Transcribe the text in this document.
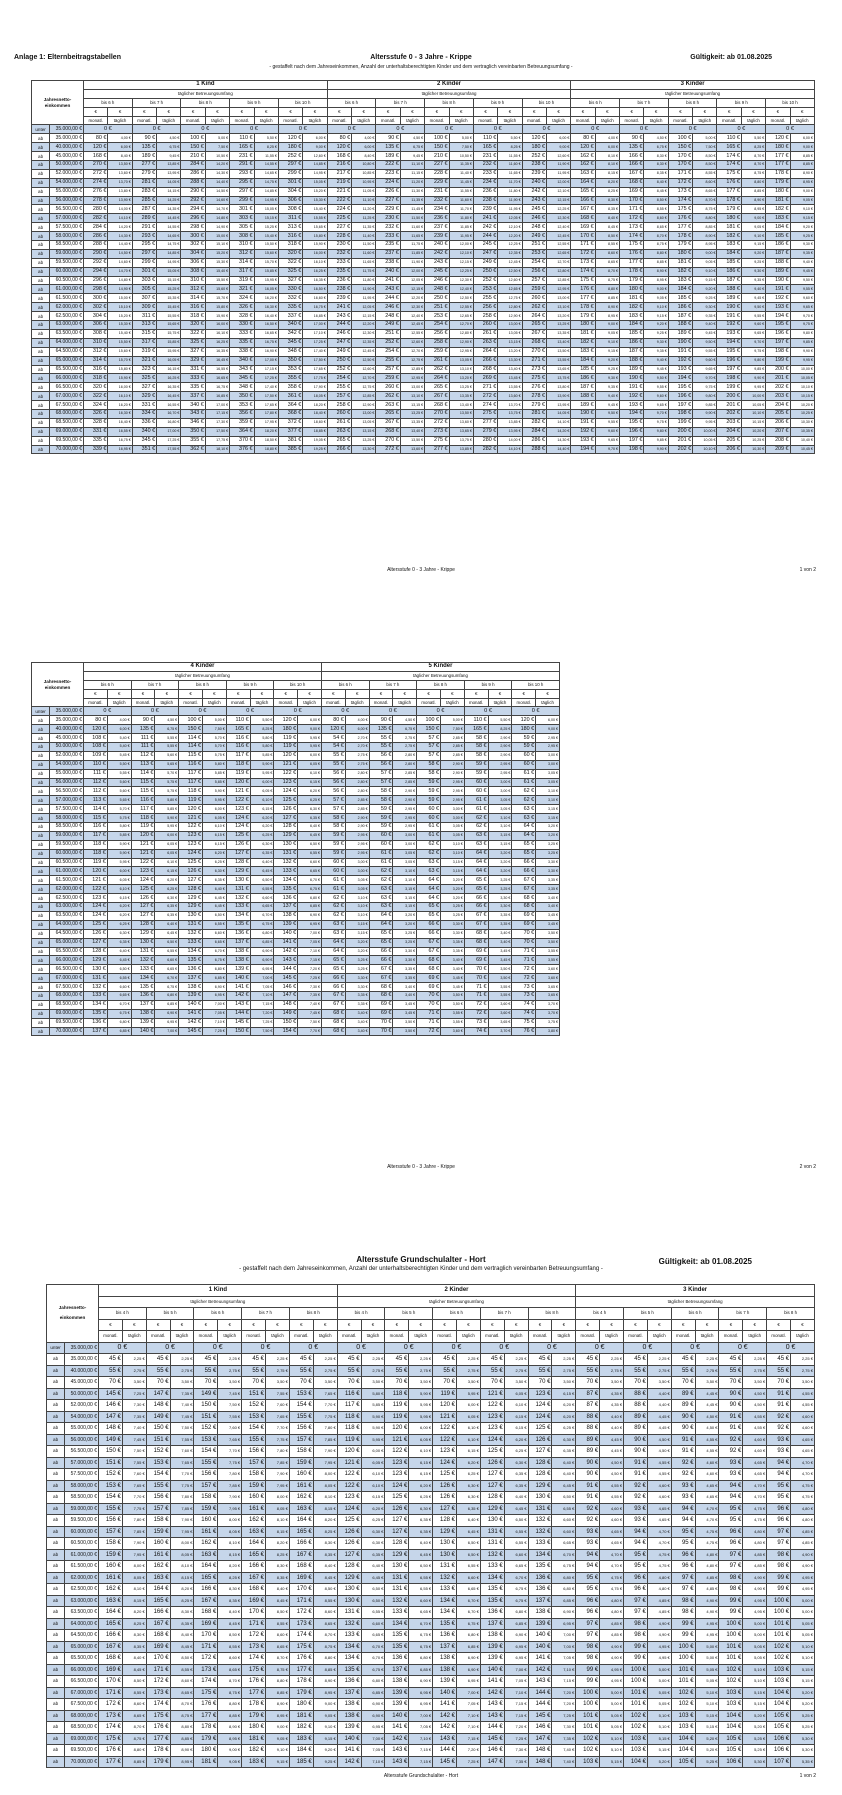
Anlage 1: Elternbeitragstabellen	Altersstufe 0 - 3 Jahre - Krippe	Gültigkeit: ab 01.08.2025
- gestaffelt nach dem Jahreseinkommen, Anzahl der unterhaltsberechtigten Kinder und dem vertraglich vereinbarten Betreuungsumfang -
Jahresnetto-einkommen		1 Kind										2 Kinder										3 Kinder									
		täglicher Betreuungsumfang										täglicher Betreuungsumfang										täglicher Betreuungsumfang									
		bis 6 h		bis 7 h		bis 8 h		bis 9 h		bis 10 h		bis 6 h		bis 7 h		bis 8 h		bis 9 h		bis 10 h		bis 6 h		bis 7 h		bis 8 h		bis 9 h		bis 10 h	
		€	€	€	€	€	€	€	€	€	€	€	€	€	€	€	€	€	€	€	€	€	€	€	€	€	€	€	€	€	€
		monatl.	täglich	monatl.	täglich	monatl.	täglich	monatl.	täglich	monatl.	täglich	monatl.	täglich	monatl.	täglich	monatl.	täglich	monatl.	täglich	monatl.	täglich	monatl.	täglich	monatl.	täglich	monatl.	täglich	monatl.	täglich	monatl.	täglich
unter	35.000,00 €	0 €		0 €		0 €		0 €		0 €		0 €		0 €		0 €		0 €		0 €		0 €		0 €		0 €		0 €		0 €	
ab	35.000,00 €	80 €	4,00 €	90 €	4,50 €	100 €	5,00 €	110 €	5,50 €	120 €	6,00 €	80 €	4,00 €	90 €	4,50 €	100 €	5,00 €	110 €	5,50 €	120 €	6,00 €	80 €	4,00 €	90 €	4,50 €	100 €	5,00 €	110 €	5,50 €	120 €	6,00 €
ab	40.000,00 €	120 €	6,00 €	135 €	6,75 €	150 €	7,50 €	165 €	8,25 €	180 €	9,00 €	120 €	6,00 €	135 €	6,75 €	150 €	7,50 €	165 €	8,25 €	180 €	9,00 €	120 €	6,00 €	135 €	6,75 €	150 €	7,50 €	165 €	8,25 €	180 €	9,00 €
ab	45.000,00 €	168 €	8,40 €	189 €	9,45 €	210 €	10,50 €	231 €	11,55 €	252 €	12,60 €	168 €	8,40 €	189 €	9,45 €	210 €	10,50 €	231 €	11,55 €	252 €	12,60 €	162 €	8,10 €	166 €	8,30 €	170 €	8,50 €	174 €	8,70 €	177 €	8,85 €
ab	50.000,00 €	270 €	13,50 €	277 €	13,85 €	284 €	14,20 €	291 €	14,55 €	297 €	14,85 €	216 €	10,80 €	222 €	11,10 €	227 €	11,35 €	232 €	11,60 €	238 €	11,90 €	162 €	8,10 €	166 €	8,30 €	170 €	8,50 €	174 €	8,70 €	177 €	8,85 €
ab	52.000,00 €	272 €	13,60 €	279 €	13,95 €	286 €	14,30 €	293 €	14,65 €	299 €	14,95 €	217 €	10,85 €	223 €	11,15 €	228 €	11,40 €	233 €	11,65 €	239 €	11,95 €	163 €	8,15 €	167 €	8,35 €	171 €	8,55 €	175 €	8,75 €	178 €	8,90 €
ab	54.000,00 €	274 €	13,70 €	281 €	14,05 €	288 €	14,40 €	295 €	14,75 €	301 €	15,05 €	219 €	10,95 €	224 €	11,20 €	229 €	11,45 €	234 €	11,70 €	240 €	12,00 €	164 €	8,20 €	168 €	8,40 €	172 €	8,60 €	176 €	8,80 €	179 €	8,95 €
ab	55.000,00 €	276 €	13,80 €	283 €	14,15 €	290 €	14,50 €	297 €	14,85 €	304 €	15,20 €	221 €	11,05 €	226 €	11,30 €	231 €	11,55 €	236 €	11,80 €	242 €	12,10 €	165 €	8,25 €	169 €	8,45 €	173 €	8,65 €	177 €	8,85 €	180 €	9,00 €
ab	56.000,00 €	278 €	13,90 €	285 €	14,25 €	292 €	14,60 €	299 €	14,95 €	306 €	15,30 €	222 €	11,10 €	227 €	11,35 €	232 €	11,60 €	238 €	11,90 €	243 €	12,15 €	166 €	8,30 €	170 €	8,50 €	174 €	8,70 €	178 €	8,90 €	181 €	9,05 €
ab	56.500,00 €	280 €	14,00 €	287 €	14,35 €	294 €	14,70 €	301 €	15,05 €	308 €	15,40 €	224 €	11,20 €	229 €	11,45 €	234 €	11,70 €	239 €	11,95 €	245 €	12,25 €	167 €	8,35 €	171 €	8,55 €	175 €	8,75 €	179 €	8,95 €	182 €	9,10 €
ab	57.000,00 €	282 €	14,10 €	289 €	14,45 €	296 €	14,80 €	303 €	15,15 €	311 €	15,55 €	225 €	11,25 €	230 €	11,50 €	236 €	11,80 €	241 €	12,05 €	246 €	12,30 €	168 €	8,40 €	172 €	8,60 €	176 €	8,80 €	180 €	9,00 €	183 €	9,15 €
ab	57.500,00 €	284 €	14,20 €	291 €	14,55 €	298 €	14,90 €	305 €	15,25 €	313 €	15,65 €	227 €	11,35 €	232 €	11,60 €	237 €	11,85 €	242 €	12,10 €	248 €	12,40 €	169 €	8,45 €	173 €	8,65 €	177 €	8,85 €	181 €	9,05 €	184 €	9,20 €
ab	58.000,00 €	286 €	14,30 €	293 €	14,65 €	300 €	15,00 €	308 €	15,40 €	316 €	15,80 €	228 €	11,40 €	233 €	11,65 €	239 €	11,95 €	244 €	12,20 €	249 €	12,45 €	170 €	8,50 €	174 €	8,70 €	178 €	8,90 €	182 €	9,10 €	185 €	9,25 €
ab	58.500,00 €	288 €	14,40 €	295 €	14,75 €	302 €	15,10 €	310 €	15,50 €	318 €	15,90 €	230 €	11,50 €	235 €	11,75 €	240 €	12,00 €	245 €	12,25 €	251 €	12,55 €	171 €	8,55 €	175 €	8,75 €	179 €	8,95 €	183 €	9,15 €	186 €	9,30 €
ab	59.000,00 €	290 €	14,50 €	297 €	14,85 €	304 €	15,20 €	312 €	15,60 €	320 €	16,00 €	232 €	11,60 €	237 €	11,85 €	242 €	12,10 €	247 €	12,35 €	253 €	12,65 €	172 €	8,60 €	176 €	8,80 €	180 €	9,00 €	184 €	9,20 €	187 €	9,35 €
ab	59.500,00 €	292 €	14,60 €	299 €	14,95 €	306 €	15,30 €	314 €	15,70 €	322 €	16,10 €	233 €	11,65 €	238 €	11,90 €	243 €	12,15 €	249 €	12,45 €	254 €	12,70 €	173 €	8,65 €	177 €	8,85 €	181 €	9,05 €	185 €	9,25 €	188 €	9,40 €
ab	60.000,00 €	294 €	14,70 €	301 €	15,05 €	308 €	15,40 €	317 €	15,85 €	325 €	16,25 €	235 €	11,75 €	240 €	12,00 €	245 €	12,25 €	250 €	12,50 €	256 €	12,80 €	174 €	8,70 €	178 €	8,90 €	182 €	9,10 €	186 €	9,30 €	189 €	9,45 €
ab	60.500,00 €	296 €	14,80 €	303 €	15,15 €	310 €	15,50 €	319 €	15,95 €	327 €	16,35 €	236 €	11,80 €	241 €	12,05 €	246 €	12,30 €	252 €	12,60 €	257 €	12,85 €	175 €	8,75 €	179 €	8,95 €	183 €	9,15 €	187 €	9,35 €	190 €	9,50 €
ab	61.000,00 €	298 €	14,90 €	305 €	15,25 €	312 €	15,60 €	321 €	16,05 €	330 €	16,50 €	238 €	11,90 €	243 €	12,15 €	248 €	12,40 €	253 €	12,65 €	259 €	12,95 €	176 €	8,80 €	180 €	9,00 €	184 €	9,20 €	188 €	9,40 €	191 €	9,55 €
ab	61.500,00 €	300 €	15,00 €	307 €	15,35 €	314 €	15,70 €	324 €	16,20 €	332 €	16,60 €	239 €	11,95 €	244 €	12,20 €	250 €	12,50 €	255 €	12,75 €	260 €	13,00 €	177 €	8,85 €	181 €	9,05 €	185 €	9,25 €	189 €	9,45 €	192 €	9,60 €
ab	62.000,00 €	302 €	15,10 €	309 €	15,45 €	316 €	15,80 €	326 €	16,30 €	335 €	16,75 €	241 €	12,05 €	246 €	12,30 €	251 €	12,55 €	256 €	12,80 €	262 €	13,10 €	178 €	8,90 €	182 €	9,10 €	186 €	9,30 €	190 €	9,50 €	193 €	9,65 €
ab	62.500,00 €	304 €	15,20 €	311 €	15,55 €	318 €	15,90 €	328 €	16,40 €	337 €	16,85 €	243 €	12,15 €	248 €	12,40 €	253 €	12,65 €	258 €	12,90 €	264 €	13,20 €	179 €	8,95 €	183 €	9,15 €	187 €	9,35 €	191 €	9,55 €	194 €	9,70 €
ab	63.000,00 €	306 €	15,30 €	313 €	15,65 €	320 €	16,00 €	330 €	16,50 €	340 €	17,00 €	244 €	12,20 €	249 €	12,45 €	254 €	12,70 €	260 €	13,00 €	265 €	13,25 €	180 €	9,00 €	184 €	9,20 €	188 €	9,40 €	192 €	9,60 €	195 €	9,75 €
ab	63.500,00 €	308 €	15,40 €	315 €	15,75 €	322 €	16,10 €	333 €	16,65 €	342 €	17,10 €	246 €	12,30 €	251 €	12,55 €	256 €	12,80 €	261 €	13,05 €	267 €	13,35 €	181 €	9,05 €	185 €	9,25 €	189 €	9,45 €	193 €	9,65 €	196 €	9,80 €
ab	64.000,00 €	310 €	15,50 €	317 €	15,85 €	325 €	16,25 €	335 €	16,75 €	345 €	17,25 €	247 €	12,35 €	252 €	12,60 €	258 €	12,90 €	263 €	13,15 €	268 €	13,40 €	182 €	9,10 €	186 €	9,30 €	190 €	9,50 €	194 €	9,70 €	197 €	9,85 €
ab	64.500,00 €	312 €	15,60 €	319 €	15,95 €	327 €	16,35 €	338 €	16,90 €	348 €	17,40 €	249 €	12,45 €	254 €	12,70 €	259 €	12,95 €	264 €	13,20 €	270 €	13,50 €	183 €	9,15 €	187 €	9,35 €	191 €	9,55 €	195 €	9,75 €	198 €	9,90 €
ab	65.000,00 €	314 €	15,70 €	321 €	16,05 €	329 €	16,45 €	340 €	17,00 €	350 €	17,50 €	250 €	12,50 €	255 €	12,75 €	261 €	13,05 €	266 €	13,30 €	271 €	13,55 €	184 €	9,20 €	188 €	9,40 €	192 €	9,60 €	196 €	9,80 €	199 €	9,95 €
ab	65.500,00 €	316 €	15,80 €	323 €	16,15 €	331 €	16,55 €	343 €	17,15 €	353 €	17,65 €	252 €	12,60 €	257 €	12,85 €	262 €	13,10 €	268 €	13,40 €	273 €	13,65 €	185 €	9,25 €	189 €	9,45 €	193 €	9,65 €	197 €	9,85 €	200 €	10,00 €
ab	66.000,00 €	318 €	15,90 €	325 €	16,25 €	333 €	16,65 €	345 €	17,25 €	355 €	17,75 €	254 €	12,70 €	259 €	12,95 €	264 €	13,20 €	269 €	13,45 €	275 €	13,75 €	186 €	9,30 €	190 €	9,50 €	194 €	9,70 €	198 €	9,90 €	201 €	10,05 €
ab	66.500,00 €	320 €	16,00 €	327 €	16,35 €	335 €	16,75 €	348 €	17,40 €	358 €	17,90 €	255 €	12,75 €	260 €	13,00 €	265 €	13,25 €	271 €	13,55 €	276 €	13,80 €	187 €	9,35 €	191 €	9,55 €	195 €	9,75 €	199 €	9,95 €	202 €	10,10 €
ab	67.000,00 €	322 €	16,10 €	329 €	16,45 €	337 €	16,85 €	350 €	17,50 €	361 €	18,05 €	257 €	12,85 €	262 €	13,10 €	267 €	13,35 €	272 €	13,60 €	278 €	13,90 €	188 €	9,40 €	192 €	9,60 €	196 €	9,80 €	200 €	10,00 €	203 €	10,15 €
ab	67.500,00 €	324 €	16,20 €	331 €	16,55 €	340 €	17,00 €	353 €	17,65 €	364 €	18,20 €	258 €	12,90 €	263 €	13,15 €	268 €	13,40 €	274 €	13,70 €	279 €	13,95 €	189 €	9,45 €	193 €	9,65 €	197 €	9,85 €	201 €	10,05 €	204 €	10,20 €
ab	68.000,00 €	326 €	16,30 €	334 €	16,70 €	343 €	17,15 €	356 €	17,80 €	368 €	18,40 €	260 €	13,00 €	265 €	13,25 €	270 €	13,50 €	275 €	13,75 €	281 €	14,05 €	190 €	9,50 €	194 €	9,70 €	198 €	9,90 €	202 €	10,10 €	205 €	10,25 €
ab	68.500,00 €	328 €	16,40 €	336 €	16,80 €	346 €	17,30 €	359 €	17,95 €	372 €	18,60 €	261 €	13,05 €	267 €	13,35 €	272 €	13,60 €	277 €	13,85 €	282 €	14,10 €	191 €	9,55 €	195 €	9,75 €	199 €	9,95 €	203 €	10,15 €	206 €	10,30 €
ab	69.000,00 €	331 €	16,55 €	340 €	17,00 €	350 €	17,50 €	364 €	18,20 €	377 €	18,85 €	263 €	13,15 €	268 €	13,40 €	273 €	13,65 €	279 €	13,95 €	284 €	14,20 €	192 €	9,60 €	196 €	9,80 €	200 €	10,00 €	204 €	10,20 €	207 €	10,35 €
ab	69.500,00 €	335 €	16,75 €	345 €	17,25 €	355 €	17,75 €	370 €	18,50 €	381 €	19,05 €	265 €	13,25 €	270 €	13,50 €	275 €	13,75 €	280 €	14,00 €	286 €	14,30 €	193 €	9,65 €	197 €	9,85 €	201 €	10,05 €	205 €	10,25 €	208 €	10,40 €
ab	70.000,00 €	339 €	16,95 €	351 €	17,55 €	362 €	18,10 €	376 €	18,80 €	385 €	19,25 €	266 €	13,30 €	272 €	13,60 €	277 €	13,85 €	282 €	14,10 €	288 €	14,40 €	194 €	9,70 €	198 €	9,90 €	202 €	10,10 €	206 €	10,30 €	209 €	10,45 €
Altersstufe 0 - 3 Jahre - Krippe	1 von 2
Jahresnetto-einkommen		4 Kinder										5 Kinder									
		täglicher Betreuungsumfang										täglicher Betreuungsumfang									
		bis 6 h		bis 7 h		bis 8 h		bis 9 h		bis 10 h		bis 6 h		bis 7 h		bis 8 h		bis 9 h		bis 10 h	
		€	€	€	€	€	€	€	€	€	€	€	€	€	€	€	€	€	€	€	€
		monatl.	täglich	monatl.	täglich	monatl.	täglich	monatl.	täglich	monatl.	täglich	monatl.	täglich	monatl.	täglich	monatl.	täglich	monatl.	täglich	monatl.	täglich
unter	35.000,00 €	0 €		0 €		0 €		0 €		0 €		0 €		0 €		0 €		0 €		0 €	
ab	35.000,00 €	80 €	4,00 €	90 €	4,50 €	100 €	5,00 €	110 €	5,50 €	120 €	6,00 €	80 €	4,00 €	90 €	4,50 €	100 €	5,00 €	110 €	5,50 €	120 €	6,00 €
ab	40.000,00 €	120 €	6,00 €	135 €	6,75 €	150 €	7,50 €	165 €	8,25 €	180 €	9,00 €	120 €	6,00 €	135 €	6,75 €	150 €	7,50 €	165 €	8,25 €	180 €	9,00 €
ab	45.000,00 €	108 €	5,40 €	111 €	5,55 €	114 €	5,70 €	116 €	5,80 €	119 €	5,95 €	54 €	2,70 €	55 €	2,75 €	57 €	2,85 €	58 €	2,90 €	59 €	2,95 €
ab	50.000,00 €	108 €	5,40 €	111 €	5,55 €	114 €	5,70 €	116 €	5,80 €	119 €	5,95 €	54 €	2,70 €	55 €	2,75 €	57 €	2,85 €	58 €	2,90 €	59 €	2,95 €
ab	52.000,00 €	109 €	5,45 €	112 €	5,60 €	115 €	5,75 €	117 €	5,85 €	120 €	6,00 €	55 €	2,75 €	56 €	2,80 €	57 €	2,85 €	58 €	2,90 €	60 €	3,00 €
ab	54.000,00 €	110 €	5,50 €	113 €	5,65 €	116 €	5,80 €	118 €	5,90 €	121 €	6,05 €	55 €	2,75 €	56 €	2,80 €	58 €	2,90 €	59 €	2,95 €	60 €	3,00 €
ab	55.000,00 €	111 €	5,55 €	114 €	5,70 €	117 €	5,85 €	119 €	5,95 €	122 €	6,10 €	56 €	2,80 €	57 €	2,85 €	58 €	2,90 €	59 €	2,95 €	61 €	3,05 €
ab	56.000,00 €	112 €	5,60 €	115 €	5,75 €	117 €	5,85 €	120 €	6,00 €	123 €	6,15 €	56 €	2,80 €	57 €	2,85 €	59 €	2,95 €	60 €	3,00 €	61 €	3,05 €
ab	56.500,00 €	112 €	5,60 €	115 €	5,75 €	118 €	5,90 €	121 €	6,05 €	124 €	6,20 €	56 €	2,80 €	58 €	2,90 €	59 €	2,95 €	60 €	3,00 €	62 €	3,10 €
ab	57.000,00 €	113 €	5,65 €	116 €	5,80 €	119 €	5,95 €	122 €	6,10 €	125 €	6,25 €	57 €	2,85 €	58 €	2,90 €	59 €	2,95 €	61 €	3,05 €	62 €	3,10 €
ab	57.500,00 €	114 €	5,70 €	117 €	5,85 €	120 €	6,00 €	123 €	6,15 €	126 €	6,30 €	57 €	2,85 €	59 €	2,95 €	60 €	3,00 €	61 €	3,05 €	63 €	3,15 €
ab	58.000,00 €	115 €	5,75 €	118 €	5,90 €	121 €	6,05 €	124 €	6,20 €	127 €	6,35 €	58 €	2,90 €	59 €	2,95 €	60 €	3,00 €	62 €	3,10 €	63 €	3,15 €
ab	58.500,00 €	116 €	5,80 €	119 €	5,95 €	122 €	6,10 €	124 €	6,20 €	128 €	6,40 €	58 €	2,90 €	59 €	2,95 €	61 €	3,05 €	62 €	3,10 €	64 €	3,20 €
ab	59.000,00 €	117 €	5,85 €	120 €	6,00 €	123 €	6,15 €	125 €	6,25 €	129 €	6,45 €	59 €	2,95 €	60 €	3,00 €	61 €	3,05 €	63 €	3,15 €	64 €	3,20 €
ab	59.500,00 €	118 €	5,90 €	121 €	6,05 €	123 €	6,15 €	126 €	6,30 €	130 €	6,50 €	59 €	2,95 €	60 €	3,00 €	62 €	3,10 €	63 €	3,15 €	65 €	3,25 €
ab	60.000,00 €	118 €	5,90 €	121 €	6,05 €	124 €	6,20 €	127 €	6,35 €	131 €	6,55 €	59 €	2,95 €	61 €	3,05 €	62 €	3,10 €	64 €	3,20 €	65 €	3,25 €
ab	60.500,00 €	119 €	5,95 €	122 €	6,10 €	125 €	6,25 €	128 €	6,40 €	132 €	6,60 €	60 €	3,00 €	61 €	3,05 €	63 €	3,15 €	64 €	3,20 €	66 €	3,30 €
ab	61.000,00 €	120 €	6,00 €	123 €	6,15 €	126 €	6,30 €	129 €	6,45 €	133 €	6,65 €	60 €	3,00 €	62 €	3,10 €	63 €	3,15 €	64 €	3,20 €	66 €	3,30 €
ab	61.500,00 €	121 €	6,05 €	124 €	6,20 €	127 €	6,35 €	130 €	6,50 €	134 €	6,70 €	61 €	3,05 €	62 €	3,10 €	64 €	3,20 €	65 €	3,25 €	67 €	3,35 €
ab	62.000,00 €	122 €	6,10 €	125 €	6,25 €	128 €	6,40 €	131 €	6,55 €	135 €	6,75 €	61 €	3,05 €	63 €	3,15 €	64 €	3,20 €	65 €	3,25 €	67 €	3,35 €
ab	62.500,00 €	123 €	6,15 €	126 €	6,30 €	129 €	6,45 €	132 €	6,60 €	136 €	6,80 €	62 €	3,10 €	63 €	3,15 €	64 €	3,20 €	66 €	3,30 €	68 €	3,40 €
ab	63.000,00 €	124 €	6,20 €	127 €	6,35 €	129 €	6,45 €	133 €	6,65 €	137 €	6,85 €	62 €	3,10 €	63 €	3,15 €	65 €	3,25 €	66 €	3,30 €	68 €	3,40 €
ab	63.500,00 €	124 €	6,20 €	127 €	6,35 €	130 €	6,50 €	134 €	6,70 €	138 €	6,90 €	62 €	3,10 €	64 €	3,20 €	65 €	3,25 €	67 €	3,35 €	69 €	3,45 €
ab	64.000,00 €	125 €	6,25 €	128 €	6,40 €	131 €	6,55 €	135 €	6,75 €	139 €	6,95 €	63 €	3,15 €	64 €	3,20 €	66 €	3,30 €	67 €	3,35 €	69 €	3,45 €
ab	64.500,00 €	126 €	6,30 €	129 €	6,45 €	132 €	6,60 €	136 €	6,80 €	140 €	7,00 €	63 €	3,15 €	65 €	3,25 €	66 €	3,30 €	68 €	3,40 €	70 €	3,50 €
ab	65.000,00 €	127 €	6,35 €	130 €	6,50 €	133 €	6,65 €	137 €	6,85 €	141 €	7,05 €	64 €	3,20 €	65 €	3,25 €	67 €	3,35 €	68 €	3,40 €	70 €	3,50 €
ab	65.500,00 €	128 €	6,40 €	131 €	6,55 €	134 €	6,70 €	138 €	6,90 €	142 €	7,10 €	64 €	3,20 €	66 €	3,30 €	67 €	3,35 €	69 €	3,45 €	71 €	3,55 €
ab	66.000,00 €	129 €	6,45 €	132 €	6,60 €	135 €	6,75 €	138 €	6,90 €	143 €	7,15 €	65 €	3,25 €	66 €	3,30 €	68 €	3,40 €	69 €	3,45 €	71 €	3,55 €
ab	66.500,00 €	130 €	6,50 €	133 €	6,65 €	136 €	6,80 €	139 €	6,95 €	144 €	7,20 €	65 €	3,25 €	67 €	3,35 €	68 €	3,40 €	70 €	3,50 €	72 €	3,60 €
ab	67.000,00 €	131 €	6,55 €	134 €	6,70 €	137 €	6,85 €	140 €	7,00 €	145 €	7,25 €	66 €	3,30 €	67 €	3,35 €	69 €	3,45 €	70 €	3,50 €	72 €	3,60 €
ab	67.500,00 €	132 €	6,60 €	135 €	6,75 €	138 €	6,90 €	141 €	7,05 €	146 €	7,30 €	66 €	3,30 €	68 €	3,40 €	69 €	3,45 €	71 €	3,55 €	73 €	3,65 €
ab	68.000,00 €	133 €	6,65 €	136 €	6,80 €	139 €	6,95 €	142 €	7,10 €	147 €	7,35 €	67 €	3,35 €	68 €	3,40 €	70 €	3,50 €	71 €	3,55 €	73 €	3,65 €
ab	68.500,00 €	134 €	6,70 €	137 €	6,85 €	140 €	7,00 €	143 €	7,15 €	148 €	7,40 €	67 €	3,35 €	69 €	3,45 €	70 €	3,50 €	72 €	3,60 €	74 €	3,70 €
ab	69.000,00 €	135 €	6,75 €	138 €	6,90 €	141 €	7,05 €	144 €	7,20 €	149 €	7,45 €	68 €	3,40 €	69 €	3,45 €	71 €	3,55 €	72 €	3,60 €	74 €	3,70 €
ab	69.500,00 €	136 €	6,80 €	139 €	6,95 €	142 €	7,10 €	145 €	7,25 €	150 €	7,50 €	68 €	3,40 €	70 €	3,50 €	71 €	3,55 €	73 €	3,65 €	75 €	3,75 €
ab	70.000,00 €	137 €	6,85 €	140 €	7,00 €	145 €	7,25 €	150 €	7,50 €	154 €	7,70 €	68 €	3,40 €	70 €	3,50 €	72 €	3,60 €	74 €	3,70 €	76 €	3,80 €
Altersstufe 0 - 3 Jahre - Krippe	2 von 2
Altersstufe Grundschulalter - Hort	Gültigkeit: ab 01.08.2025
- gestaffelt nach dem Jahreseinkommen, Anzahl der unterhaltsberechtigten Kinder und dem vertraglich vereinbarten Betreuungsumfang -
Jahresnetto-einkommen		1 Kind										2 Kinder										3 Kinder									
		täglicher Betreuungsumfang										täglicher Betreuungsumfang										täglicher Betreuungsumfang									
		bis 4 h		bis 5 h		bis 6 h		bis 7 h		bis 8 h		bis 4 h		bis 5 h		bis 6 h		bis 7 h		bis 8 h		bis 4 h		bis 5 h		bis 6 h		bis 7 h		bis 8 h	
		€	€	€	€	€	€	€	€	€	€	€	€	€	€	€	€	€	€	€	€	€	€	€	€	€	€	€	€	€	€
		monatl.	täglich	monatl.	täglich	monatl.	täglich	monatl.	täglich	monatl.	täglich	monatl.	täglich	monatl.	täglich	monatl.	täglich	monatl.	täglich	monatl.	täglich	monatl.	täglich	monatl.	täglich	monatl.	täglich	monatl.	täglich	monatl.	täglich
unter	35.000,00 €	0 €		0 €		0 €		0 €		0 €		0 €		0 €		0 €		0 €		0 €		0 €		0 €		0 €		0 €		0 €	
ab	35.000,00 €	45 €	2,25 €	45 €	2,25 €	45 €	2,25 €	45 €	2,25 €	45 €	2,25 €	45 €	2,25 €	45 €	2,25 €	45 €	2,25 €	45 €	2,25 €	45 €	2,25 €	45 €	2,25 €	45 €	2,25 €	45 €	2,25 €	45 €	2,25 €	45 €	2,25 €
ab	40.000,00 €	55 €	2,75 €	55 €	2,75 €	55 €	2,75 €	55 €	2,75 €	55 €	2,75 €	55 €	2,75 €	55 €	2,75 €	55 €	2,75 €	55 €	2,75 €	55 €	2,75 €	55 €	2,75 €	55 €	2,75 €	55 €	2,75 €	55 €	2,75 €	55 €	2,75 €
ab	45.000,00 €	70 €	3,50 €	70 €	3,50 €	70 €	3,50 €	70 €	3,50 €	70 €	3,50 €	70 €	3,50 €	70 €	3,50 €	70 €	3,50 €	70 €	3,50 €	70 €	3,50 €	70 €	3,50 €	70 €	3,50 €	70 €	3,50 €	70 €	3,50 €	70 €	3,50 €
ab	50.000,00 €	145 €	7,25 €	147 €	7,35 €	149 €	7,45 €	151 €	7,55 €	153 €	7,65 €	116 €	5,80 €	118 €	5,90 €	119 €	5,95 €	121 €	6,05 €	123 €	6,15 €	87 €	4,35 €	88 €	4,40 €	89 €	4,45 €	90 €	4,50 €	91 €	4,55 €
ab	52.000,00 €	146 €	7,30 €	148 €	7,40 €	150 €	7,50 €	152 €	7,60 €	154 €	7,70 €	117 €	5,85 €	119 €	5,95 €	120 €	6,00 €	122 €	6,10 €	124 €	6,20 €	87 €	4,35 €	88 €	4,40 €	89 €	4,45 €	90 €	4,50 €	91 €	4,55 €
ab	54.000,00 €	147 €	7,35 €	149 €	7,45 €	151 €	7,55 €	153 €	7,65 €	155 €	7,75 €	118 €	5,90 €	119 €	5,95 €	121 €	6,05 €	123 €	6,15 €	124 €	6,20 €	88 €	4,40 €	89 €	4,45 €	90 €	4,50 €	91 €	4,55 €	92 €	4,60 €
ab	55.000,00 €	148 €	7,40 €	150 €	7,50 €	152 €	7,60 €	154 €	7,70 €	156 €	7,80 €	118 €	5,90 €	120 €	6,00 €	122 €	6,10 €	123 €	6,15 €	125 €	6,25 €	88 €	4,40 €	89 €	4,45 €	90 €	4,50 €	91 €	4,55 €	92 €	4,60 €
ab	56.000,00 €	149 €	7,45 €	151 €	7,55 €	153 €	7,65 €	155 €	7,75 €	157 €	7,85 €	119 €	5,95 €	121 €	6,05 €	122 €	6,10 €	124 €	6,20 €	126 €	6,30 €	89 €	4,45 €	90 €	4,50 €	91 €	4,55 €	92 €	4,60 €	93 €	4,65 €
ab	56.500,00 €	150 €	7,50 €	152 €	7,60 €	154 €	7,70 €	156 €	7,80 €	158 €	7,90 €	120 €	6,00 €	122 €	6,10 €	123 €	6,15 €	125 €	6,25 €	127 €	6,35 €	89 €	4,45 €	90 €	4,50 €	91 €	4,55 €	92 €	4,60 €	93 €	4,65 €
ab	57.000,00 €	151 €	7,55 €	153 €	7,65 €	155 €	7,75 €	157 €	7,85 €	159 €	7,95 €	121 €	6,05 €	123 €	6,15 €	124 €	6,20 €	126 €	6,30 €	128 €	6,40 €	90 €	4,50 €	91 €	4,55 €	92 €	4,60 €	93 €	4,65 €	94 €	4,70 €
ab	57.500,00 €	152 €	7,60 €	154 €	7,70 €	156 €	7,80 €	158 €	7,90 €	160 €	8,00 €	122 €	6,10 €	123 €	6,15 €	125 €	6,25 €	127 €	6,35 €	128 €	6,40 €	90 €	4,50 €	91 €	4,55 €	92 €	4,60 €	93 €	4,65 €	94 €	4,70 €
ab	58.000,00 €	153 €	7,65 €	155 €	7,75 €	157 €	7,85 €	159 €	7,95 €	161 €	8,05 €	122 €	6,10 €	124 €	6,20 €	126 €	6,30 €	127 €	6,35 €	129 €	6,45 €	91 €	4,55 €	92 €	4,60 €	93 €	4,65 €	94 €	4,70 €	95 €	4,75 €
ab	58.500,00 €	154 €	7,70 €	156 €	7,80 €	158 €	7,90 €	160 €	8,00 €	162 €	8,10 €	123 €	6,15 €	125 €	6,25 €	126 €	6,30 €	128 €	6,40 €	130 €	6,50 €	91 €	4,55 €	92 €	4,60 €	93 €	4,65 €	94 €	4,70 €	95 €	4,75 €
ab	59.000,00 €	155 €	7,75 €	157 €	7,85 €	159 €	7,95 €	161 €	8,05 €	163 €	8,15 €	124 €	6,20 €	126 €	6,30 €	127 €	6,35 €	129 €	6,45 €	131 €	6,55 €	92 €	4,60 €	93 €	4,65 €	94 €	4,70 €	95 €	4,75 €	96 €	4,80 €
ab	59.500,00 €	156 €	7,80 €	158 €	7,90 €	160 €	8,00 €	162 €	8,10 €	164 €	8,20 €	125 €	6,25 €	127 €	6,35 €	128 €	6,40 €	130 €	6,50 €	132 €	6,60 €	92 €	4,60 €	93 €	4,65 €	94 €	4,70 €	95 €	4,75 €	96 €	4,80 €
ab	60.000,00 €	157 €	7,85 €	159 €	7,95 €	161 €	8,05 €	163 €	8,15 €	165 €	8,25 €	126 €	6,30 €	127 €	6,35 €	129 €	6,45 €	131 €	6,55 €	132 €	6,60 €	93 €	4,65 €	94 €	4,70 €	95 €	4,75 €	96 €	4,80 €	97 €	4,85 €
ab	60.500,00 €	158 €	7,90 €	160 €	8,00 €	162 €	8,10 €	164 €	8,20 €	166 €	8,30 €	126 €	6,30 €	128 €	6,40 €	130 €	6,50 €	131 €	6,55 €	133 €	6,65 €	93 €	4,65 €	94 €	4,70 €	95 €	4,75 €	96 €	4,80 €	97 €	4,85 €
ab	61.000,00 €	159 €	7,95 €	161 €	8,05 €	163 €	8,15 €	165 €	8,25 €	167 €	8,35 €	127 €	6,35 €	129 €	6,45 €	130 €	6,50 €	132 €	6,60 €	134 €	6,70 €	94 €	4,70 €	95 €	4,75 €	96 €	4,80 €	97 €	4,85 €	98 €	4,90 €
ab	61.500,00 €	160 €	8,00 €	162 €	8,10 €	164 €	8,20 €	166 €	8,30 €	168 €	8,40 €	128 €	6,40 €	130 €	6,50 €	131 €	6,55 €	133 €	6,65 €	135 €	6,75 €	94 €	4,70 €	95 €	4,75 €	96 €	4,80 €	97 €	4,85 €	98 €	4,90 €
ab	62.000,00 €	161 €	8,05 €	163 €	8,15 €	165 €	8,25 €	167 €	8,35 €	169 €	8,45 €	129 €	6,45 €	131 €	6,55 €	132 €	6,60 €	134 €	6,70 €	136 €	6,80 €	95 €	4,75 €	96 €	4,80 €	97 €	4,85 €	98 €	4,90 €	99 €	4,95 €
ab	62.500,00 €	162 €	8,10 €	164 €	8,20 €	166 €	8,30 €	168 €	8,40 €	170 €	8,50 €	130 €	6,50 €	131 €	6,55 €	133 €	6,65 €	135 €	6,75 €	136 €	6,80 €	95 €	4,75 €	96 €	4,80 €	97 €	4,85 €	98 €	4,90 €	99 €	4,95 €
ab	63.000,00 €	163 €	8,15 €	165 €	8,25 €	167 €	8,35 €	169 €	8,45 €	171 €	8,55 €	130 €	6,50 €	132 €	6,60 €	134 €	6,70 €	135 €	6,75 €	137 €	6,85 €	96 €	4,80 €	97 €	4,85 €	98 €	4,90 €	99 €	4,95 €	100 €	5,00 €
ab	63.500,00 €	164 €	8,20 €	166 €	8,30 €	168 €	8,40 €	170 €	8,50 €	172 €	8,60 €	131 €	6,55 €	133 €	6,65 €	134 €	6,70 €	136 €	6,80 €	138 €	6,90 €	96 €	4,80 €	97 €	4,85 €	98 €	4,90 €	99 €	4,95 €	100 €	5,00 €
ab	64.000,00 €	165 €	8,25 €	167 €	8,35 €	169 €	8,45 €	171 €	8,55 €	173 €	8,65 €	132 €	6,60 €	134 €	6,70 €	135 €	6,75 €	137 €	6,85 €	139 €	6,95 €	97 €	4,85 €	98 €	4,90 €	99 €	4,95 €	100 €	5,00 €	101 €	5,05 €
ab	64.500,00 €	166 €	8,30 €	168 €	8,40 €	170 €	8,50 €	172 €	8,60 €	174 €	8,70 €	133 €	6,65 €	135 €	6,75 €	136 €	6,80 €	138 €	6,90 €	140 €	7,00 €	97 €	4,85 €	98 €	4,90 €	99 €	4,95 €	100 €	5,00 €	101 €	5,05 €
ab	65.000,00 €	167 €	8,35 €	169 €	8,45 €	171 €	8,55 €	173 €	8,65 €	175 €	8,75 €	134 €	6,70 €	135 €	6,75 €	137 €	6,85 €	139 €	6,95 €	140 €	7,00 €	98 €	4,90 €	99 €	4,95 €	100 €	5,00 €	101 €	5,05 €	102 €	5,10 €
ab	65.500,00 €	168 €	8,40 €	170 €	8,50 €	172 €	8,60 €	174 €	8,70 €	176 €	8,80 €	134 €	6,70 €	136 €	6,80 €	138 €	6,90 €	139 €	6,95 €	141 €	7,05 €	98 €	4,90 €	99 €	4,95 €	100 €	5,00 €	101 €	5,05 €	102 €	5,10 €
ab	66.000,00 €	169 €	8,45 €	171 €	8,55 €	173 €	8,65 €	175 €	8,75 €	177 €	8,85 €	135 €	6,75 €	137 €	6,85 €	138 €	6,90 €	140 €	7,00 €	142 €	7,10 €	99 €	4,95 €	100 €	5,00 €	101 €	5,05 €	102 €	5,10 €	103 €	5,15 €
ab	66.500,00 €	170 €	8,50 €	172 €	8,60 €	174 €	8,70 €	176 €	8,80 €	178 €	8,90 €	136 €	6,80 €	138 €	6,90 €	139 €	6,95 €	141 €	7,05 €	143 €	7,15 €	99 €	4,95 €	100 €	5,00 €	101 €	5,05 €	102 €	5,10 €	103 €	5,15 €
ab	67.000,00 €	171 €	8,55 €	173 €	8,65 €	175 €	8,75 €	177 €	8,85 €	179 €	8,95 €	137 €	6,85 €	139 €	6,95 €	140 €	7,00 €	142 €	7,10 €	144 €	7,20 €	100 €	5,00 €	101 €	5,05 €	102 €	5,10 €	103 €	5,15 €	104 €	5,20 €
ab	67.500,00 €	172 €	8,60 €	174 €	8,70 €	176 €	8,80 €	178 €	8,90 €	180 €	9,00 €	138 €	6,90 €	139 €	6,95 €	141 €	7,05 €	143 €	7,15 €	144 €	7,20 €	100 €	5,00 €	101 €	5,05 €	102 €	5,10 €	103 €	5,15 €	104 €	5,20 €
ab	68.000,00 €	173 €	8,65 €	175 €	8,75 €	177 €	8,85 €	179 €	8,95 €	181 €	9,05 €	138 €	6,90 €	140 €	7,00 €	142 €	7,10 €	143 €	7,15 €	145 €	7,25 €	101 €	5,05 €	102 €	5,10 €	103 €	5,15 €	104 €	5,20 €	105 €	5,25 €
ab	68.500,00 €	174 €	8,70 €	176 €	8,80 €	178 €	8,90 €	180 €	9,00 €	182 €	9,10 €	139 €	6,95 €	141 €	7,05 €	142 €	7,10 €	144 €	7,20 €	146 €	7,30 €	101 €	5,05 €	102 €	5,10 €	103 €	5,15 €	104 €	5,20 €	105 €	5,25 €
ab	69.000,00 €	175 €	8,75 €	177 €	8,85 €	179 €	8,95 €	181 €	9,05 €	183 €	9,15 €	140 €	7,00 €	142 €	7,10 €	143 €	7,15 €	145 €	7,25 €	147 €	7,35 €	102 €	5,10 €	103 €	5,15 €	104 €	5,20 €	105 €	5,25 €	106 €	5,30 €
ab	69.500,00 €	176 €	8,80 €	178 €	8,90 €	180 €	9,00 €	182 €	9,10 €	184 €	9,20 €	141 €	7,05 €	143 €	7,15 €	144 €	7,20 €	146 €	7,30 €	148 €	7,40 €	102 €	5,10 €	103 €	5,15 €	104 €	5,20 €	105 €	5,25 €	106 €	5,30 €
ab	70.000,00 €	177 €	8,85 €	179 €	8,95 €	181 €	9,05 €	183 €	9,15 €	185 €	9,25 €	142 €	7,10 €	143 €	7,15 €	145 €	7,25 €	147 €	7,35 €	148 €	7,40 €	103 €	5,15 €	104 €	5,20 €	105 €	5,25 €	106 €	5,30 €	107 €	5,35 €
Altersstufe Grundschulalter - Hort	1 von 2
